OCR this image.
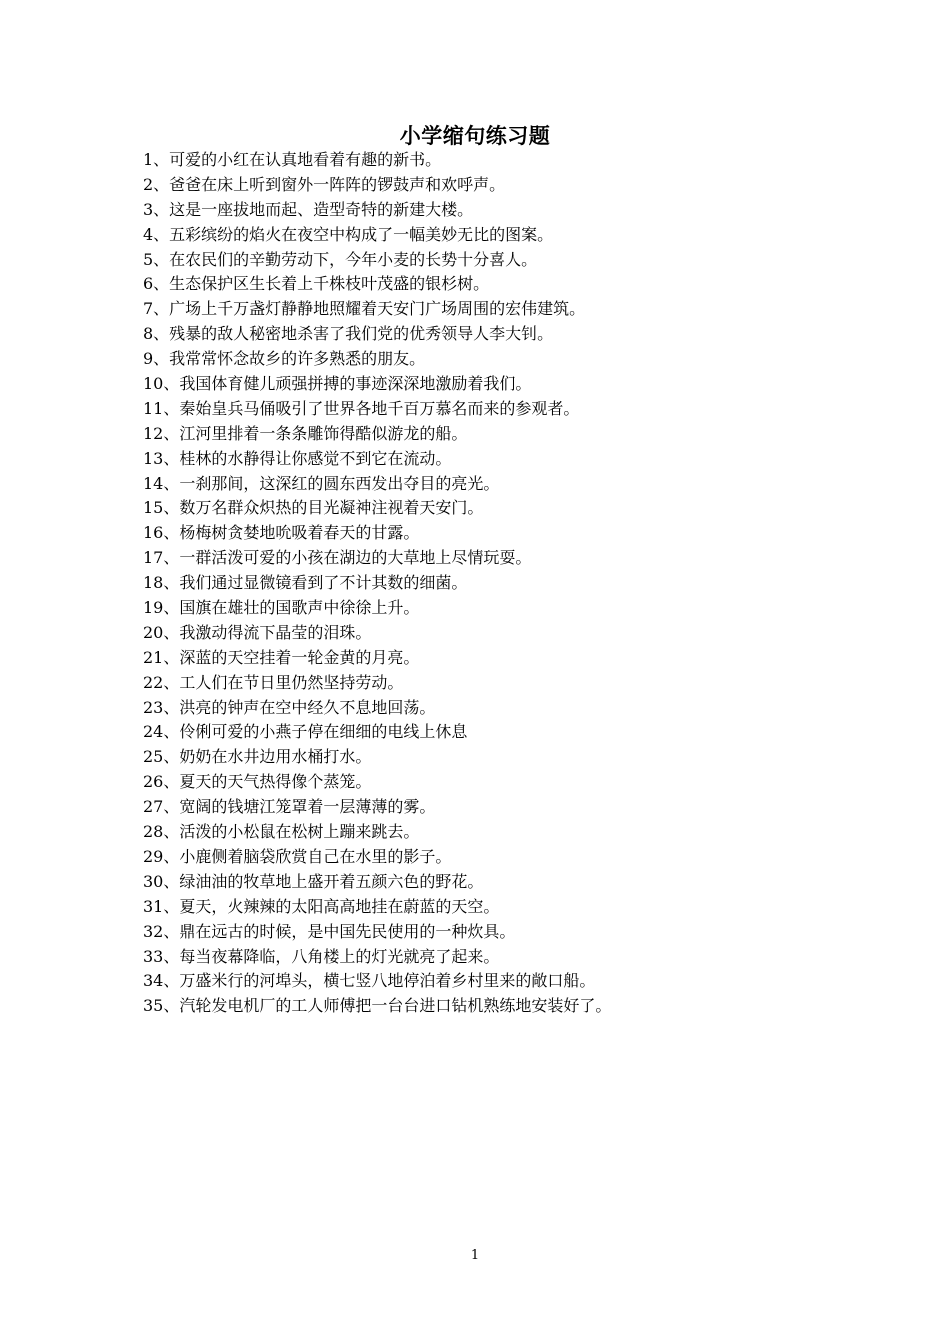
小学缩句练习题
1、可爱的小红在认真地看着有趣的新书。
2、爸爸在床上听到窗外一阵阵的锣鼓声和欢呼声。
3、这是一座拔地而起、造型奇特的新建大楼。
4、五彩缤纷的焰火在夜空中构成了一幅美妙无比的图案。
5、在农民们的辛勤劳动下，今年小麦的长势十分喜人。
6、生态保护区生长着上千株枝叶茂盛的银杉树。
7、广场上千万盏灯静静地照耀着天安门广场周围的宏伟建筑。
8、残暴的敌人秘密地杀害了我们党的优秀领导人李大钊。
9、我常常怀念故乡的许多熟悉的朋友。
10、我国体育健儿顽强拼搏的事迹深深地激励着我们。
11、秦始皇兵马俑吸引了世界各地千百万慕名而来的参观者。
12、江河里排着一条条雕饰得酷似游龙的船。
13、桂林的水静得让你感觉不到它在流动。
14、一刹那间，这深红的圆东西发出夺目的亮光。
15、数万名群众炽热的目光凝神注视着天安门。
16、杨梅树贪婪地吮吸着春天的甘露。
17、一群活泼可爱的小孩在湖边的大草地上尽情玩耍。
18、我们通过显微镜看到了不计其数的细菌。
19、国旗在雄壮的国歌声中徐徐上升。
20、我激动得流下晶莹的泪珠。
21、深蓝的天空挂着一轮金黄的月亮。
22、工人们在节日里仍然坚持劳动。
23、洪亮的钟声在空中经久不息地回荡。
24、伶俐可爱的小燕子停在细细的电线上休息
25、奶奶在水井边用水桶打水。
26、夏天的天气热得像个蒸笼。
27、宽阔的钱塘江笼罩着一层薄薄的雾。
28、活泼的小松鼠在松树上蹦来跳去。
29、小鹿侧着脑袋欣赏自己在水里的影子。
30、绿油油的牧草地上盛开着五颜六色的野花。
31、夏天，火辣辣的太阳高高地挂在蔚蓝的天空。
32、鼎在远古的时候，是中国先民使用的一种炊具。
33、每当夜幕降临，八角楼上的灯光就亮了起来。
34、万盛米行的河埠头，横七竖八地停泊着乡村里来的敞口船。
35、汽轮发电机厂的工人师傅把一台台进口钻机熟练地安装好了。
1
